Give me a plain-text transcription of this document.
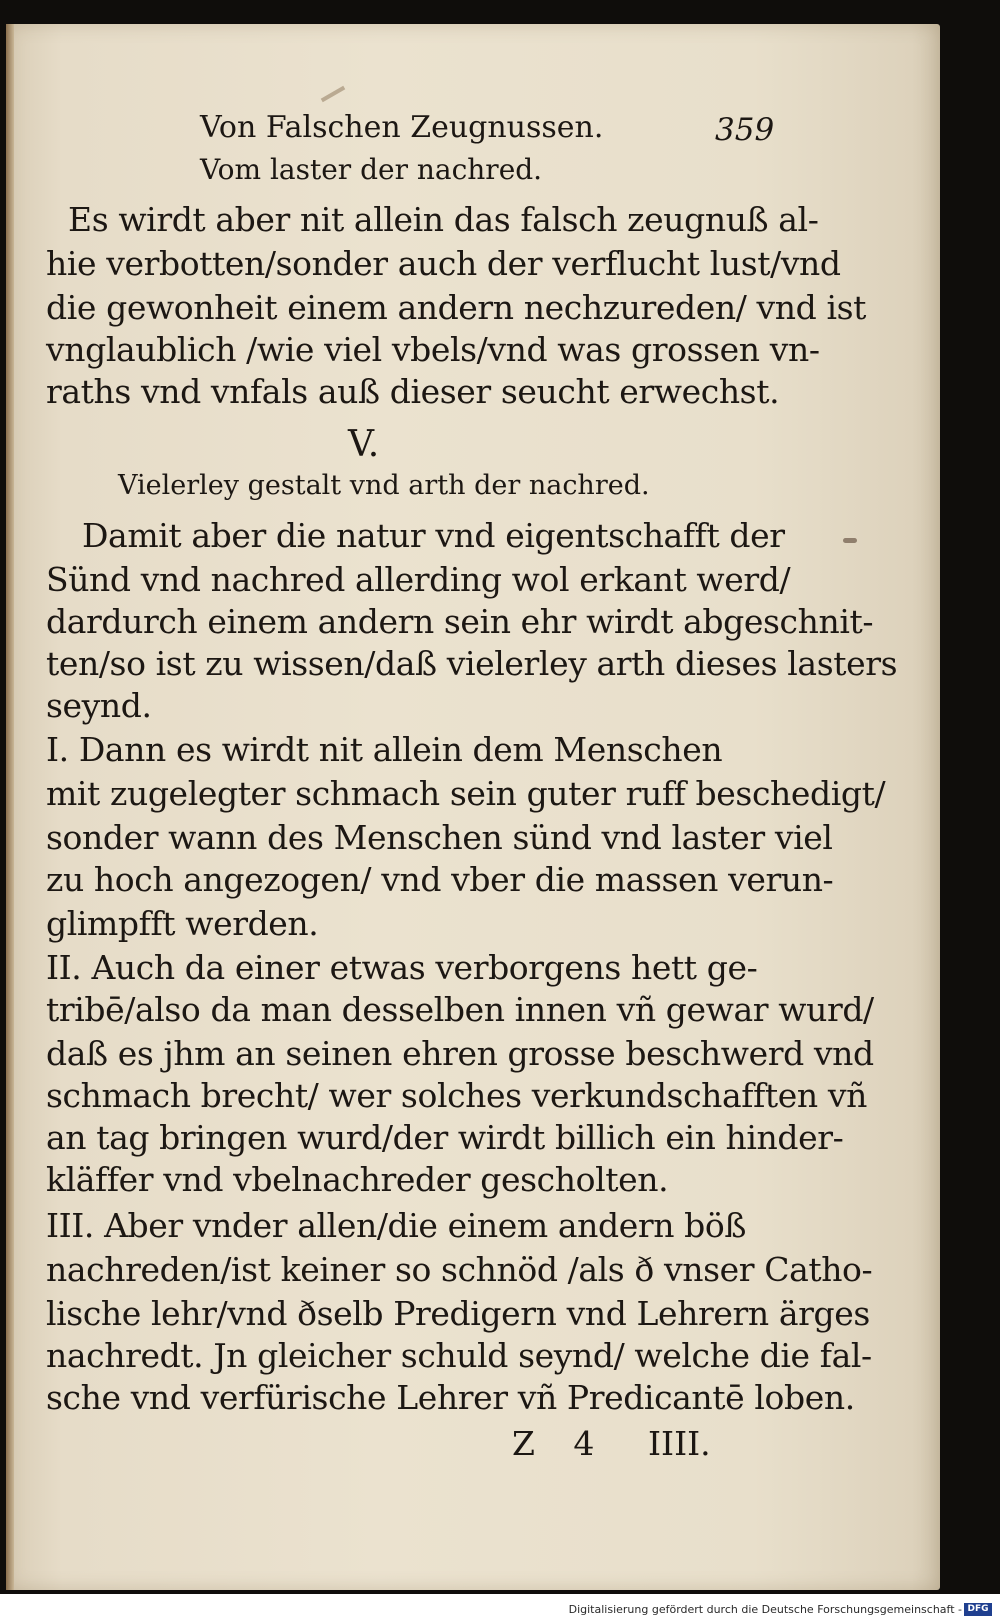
Von Falschen Zeugnussen.	359
Vom laster der nachred.
Es wirdt aber nit allein das falsch zeugnuß al-
hie verbotten/sonder auch der verflucht lust/vnd
die gewonheit einem andern nechzureden/ vnd ist
vnglaublich /wie viel vbels/vnd was grossen vn-
raths vnd vnfals auß dieser seucht erwechst.
V.
Vielerley gestalt vnd arth der nachred.
Damit aber die natur vnd eigentschafft der
Sünd vnd nachred allerding wol erkant werd/
dardurch einem andern sein ehr wirdt abgeschnit-
ten/so ist zu wissen/daß vielerley arth dieses lasters
seynd.
I. Dann es wirdt nit allein dem Menschen
mit zugelegter schmach sein guter ruff beschedigt/
sonder wann des Menschen sünd vnd laster viel
zu hoch angezogen/ vnd vber die massen verun-
glimpfft werden.
II. Auch da einer etwas verborgens hett ge-
tribē/also da man desselben innen vñ gewar wurd/
daß es jhm an seinen ehren grosse beschwerd vnd
schmach brecht/ wer solches verkundschafften vñ
an tag bringen wurd/der wirdt billich ein hinder-
kläffer vnd vbelnachreder gescholten.
III. Aber vnder allen/die einem andern böß
nachreden/ist keiner so schnöd /als ð vnser Catho-
lische lehr/vnd ðselb Predigern vnd Lehrern ärges
nachredt. Jn gleicher schuld seynd/ welche die fal-
sche vnd verfürische Lehrer vñ Predicantē loben.
Z 4 IIII.
Digitalisierung gefördert durch die Deutsche Forschungsgemeinschaft - DFG
